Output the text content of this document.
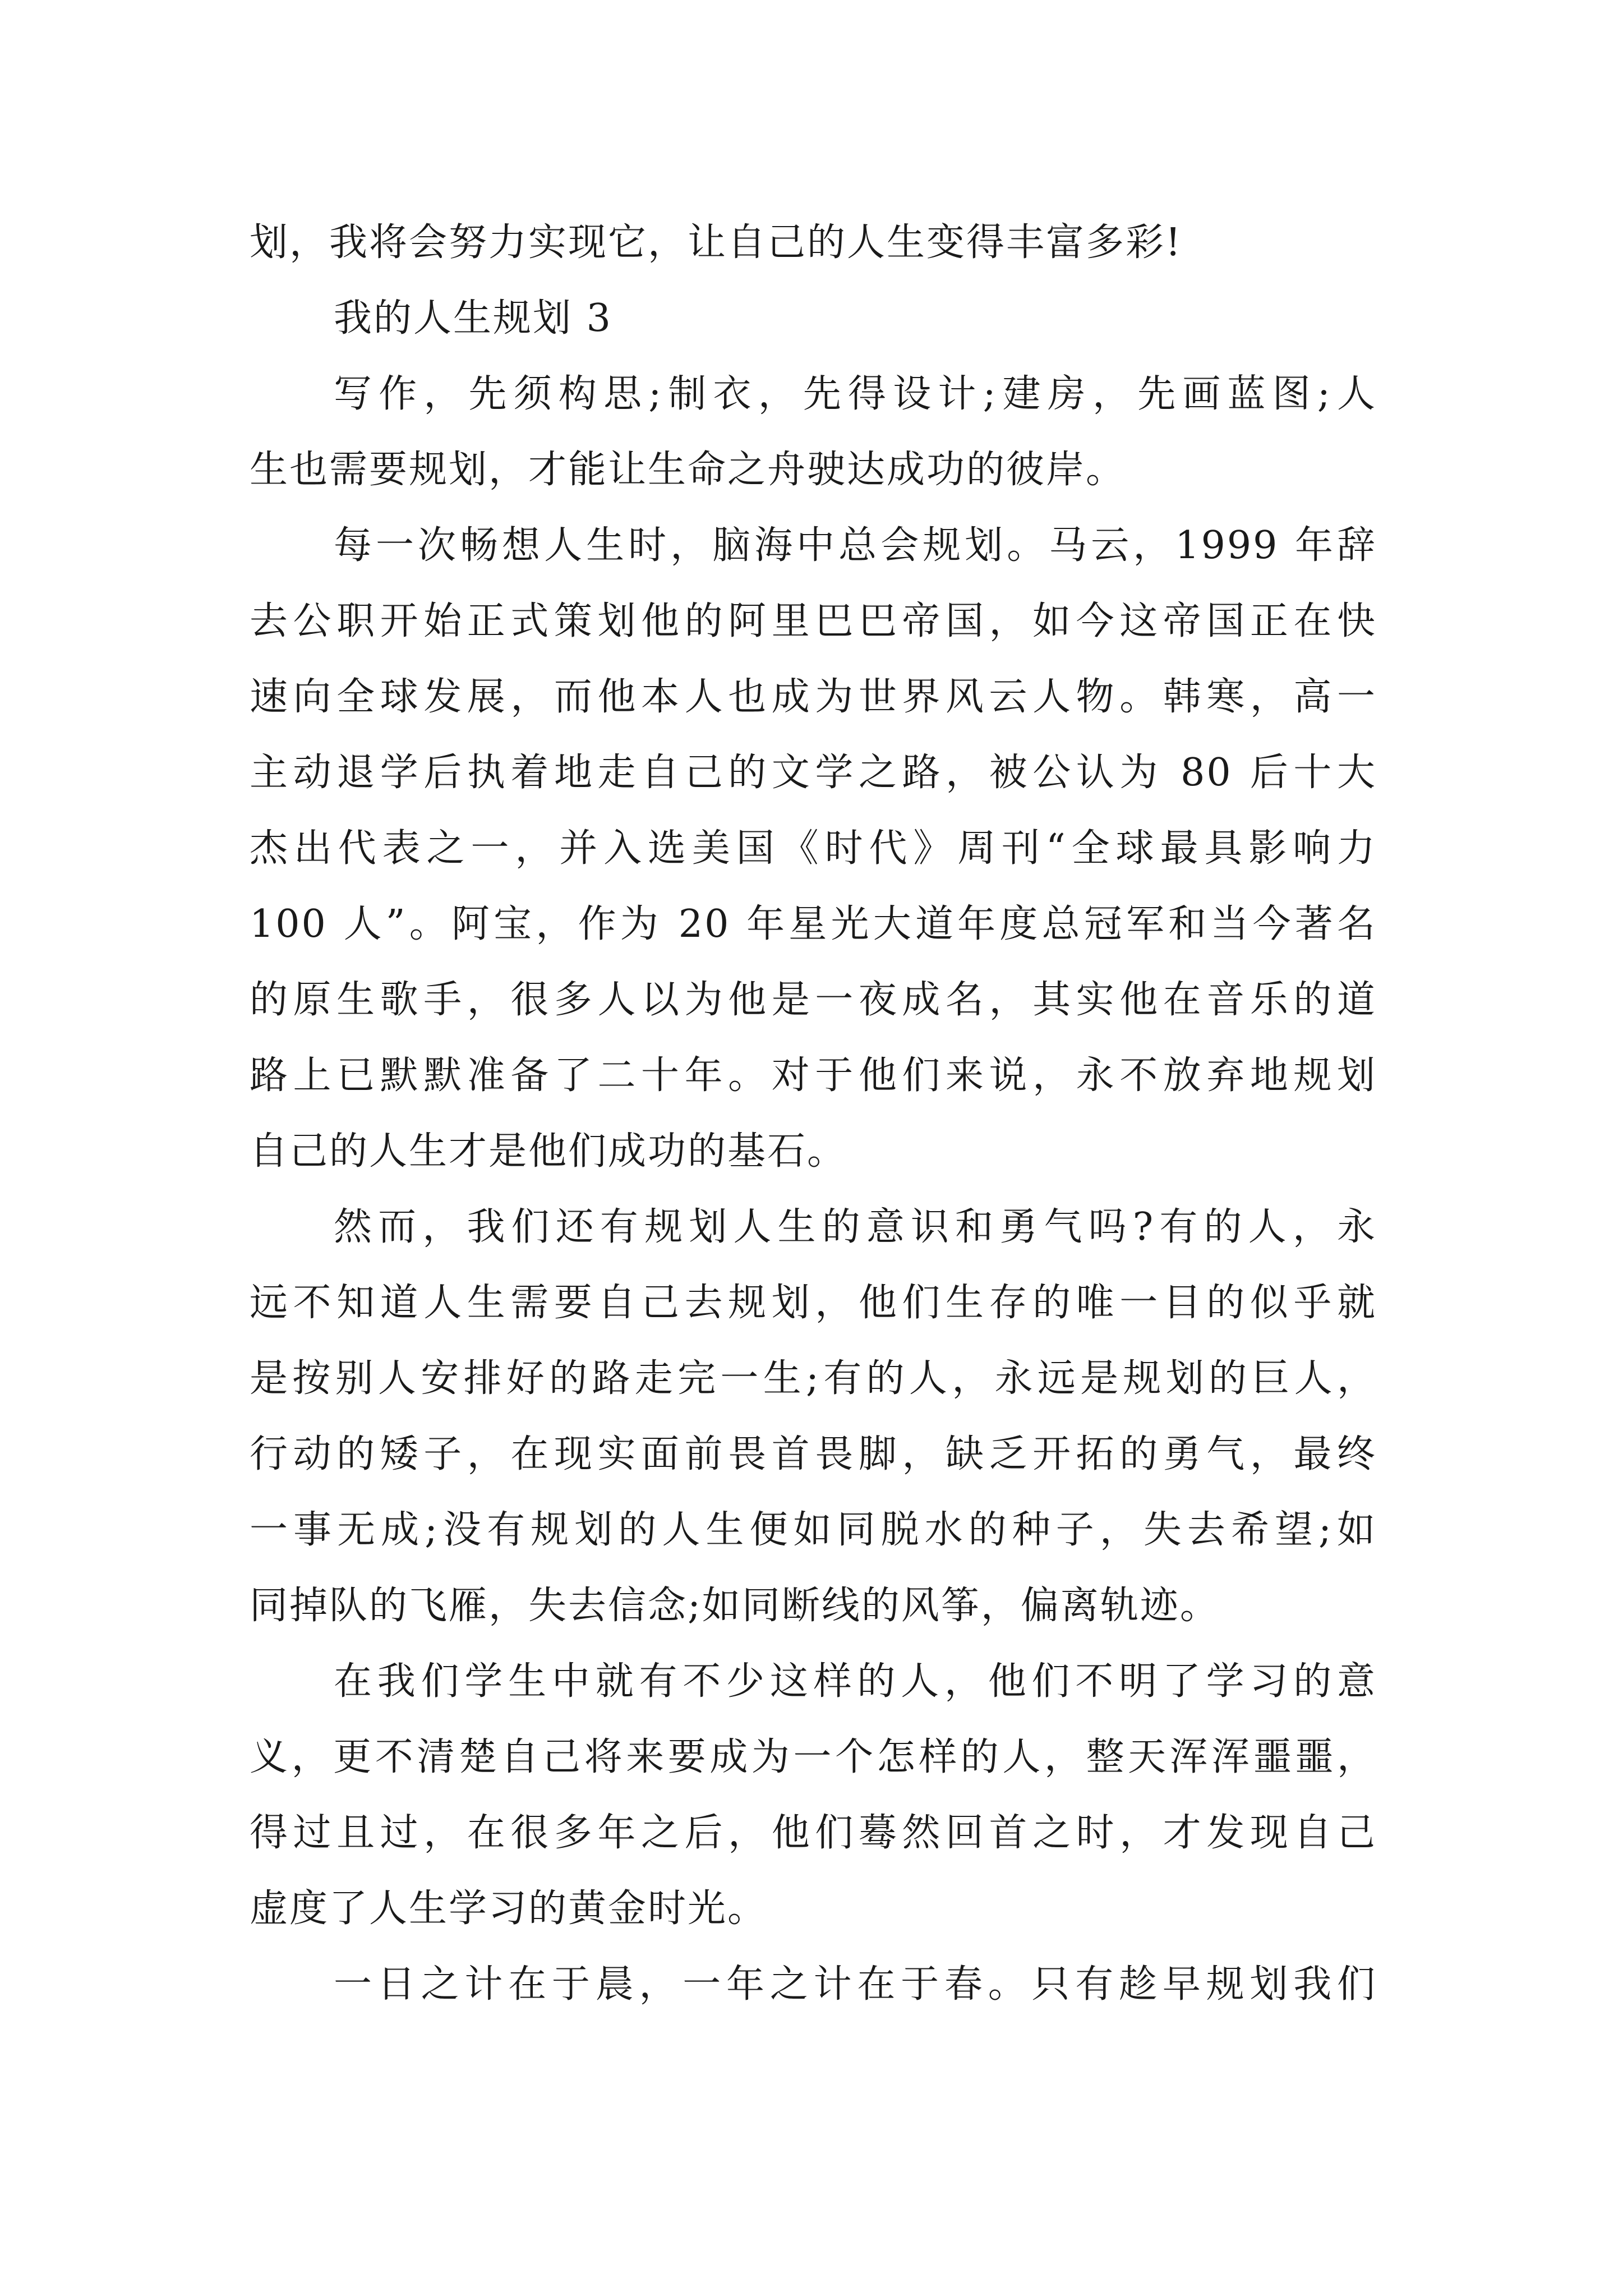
划，我将会努力实现它，让自己的人生变得丰富多彩!
我的人生规划 3
写作，先须构思;制衣，先得设计;建房，先画蓝图;人
生也需要规划，才能让生命之舟驶达成功的彼岸。
每一次畅想人生时，脑海中总会规划。马云，1999 年辞
去公职开始正式策划他的阿里巴巴帝国，如今这帝国正在快
速向全球发展，而他本人也成为世界风云人物。韩寒，高一
主动退学后执着地走自己的文学之路，被公认为 80 后十大
杰出代表之一，并入选美国《时代》周刊“全球最具影响力
100 人”。阿宝，作为 20 年星光大道年度总冠军和当今著名
的原生歌手，很多人以为他是一夜成名，其实他在音乐的道
路上已默默准备了二十年。对于他们来说，永不放弃地规划
自己的人生才是他们成功的基石。
然而，我们还有规划人生的意识和勇气吗?有的人，永
远不知道人生需要自己去规划，他们生存的唯一目的似乎就
是按别人安排好的路走完一生;有的人，永远是规划的巨人，
行动的矮子，在现实面前畏首畏脚，缺乏开拓的勇气，最终
一事无成;没有规划的人生便如同脱水的种子，失去希望;如
同掉队的飞雁，失去信念;如同断线的风筝，偏离轨迹。
在我们学生中就有不少这样的人，他们不明了学习的意
义，更不清楚自己将来要成为一个怎样的人，整天浑浑噩噩，
得过且过，在很多年之后，他们蓦然回首之时，才发现自己
虚度了人生学习的黄金时光。
一日之计在于晨，一年之计在于春。只有趁早规划我们
